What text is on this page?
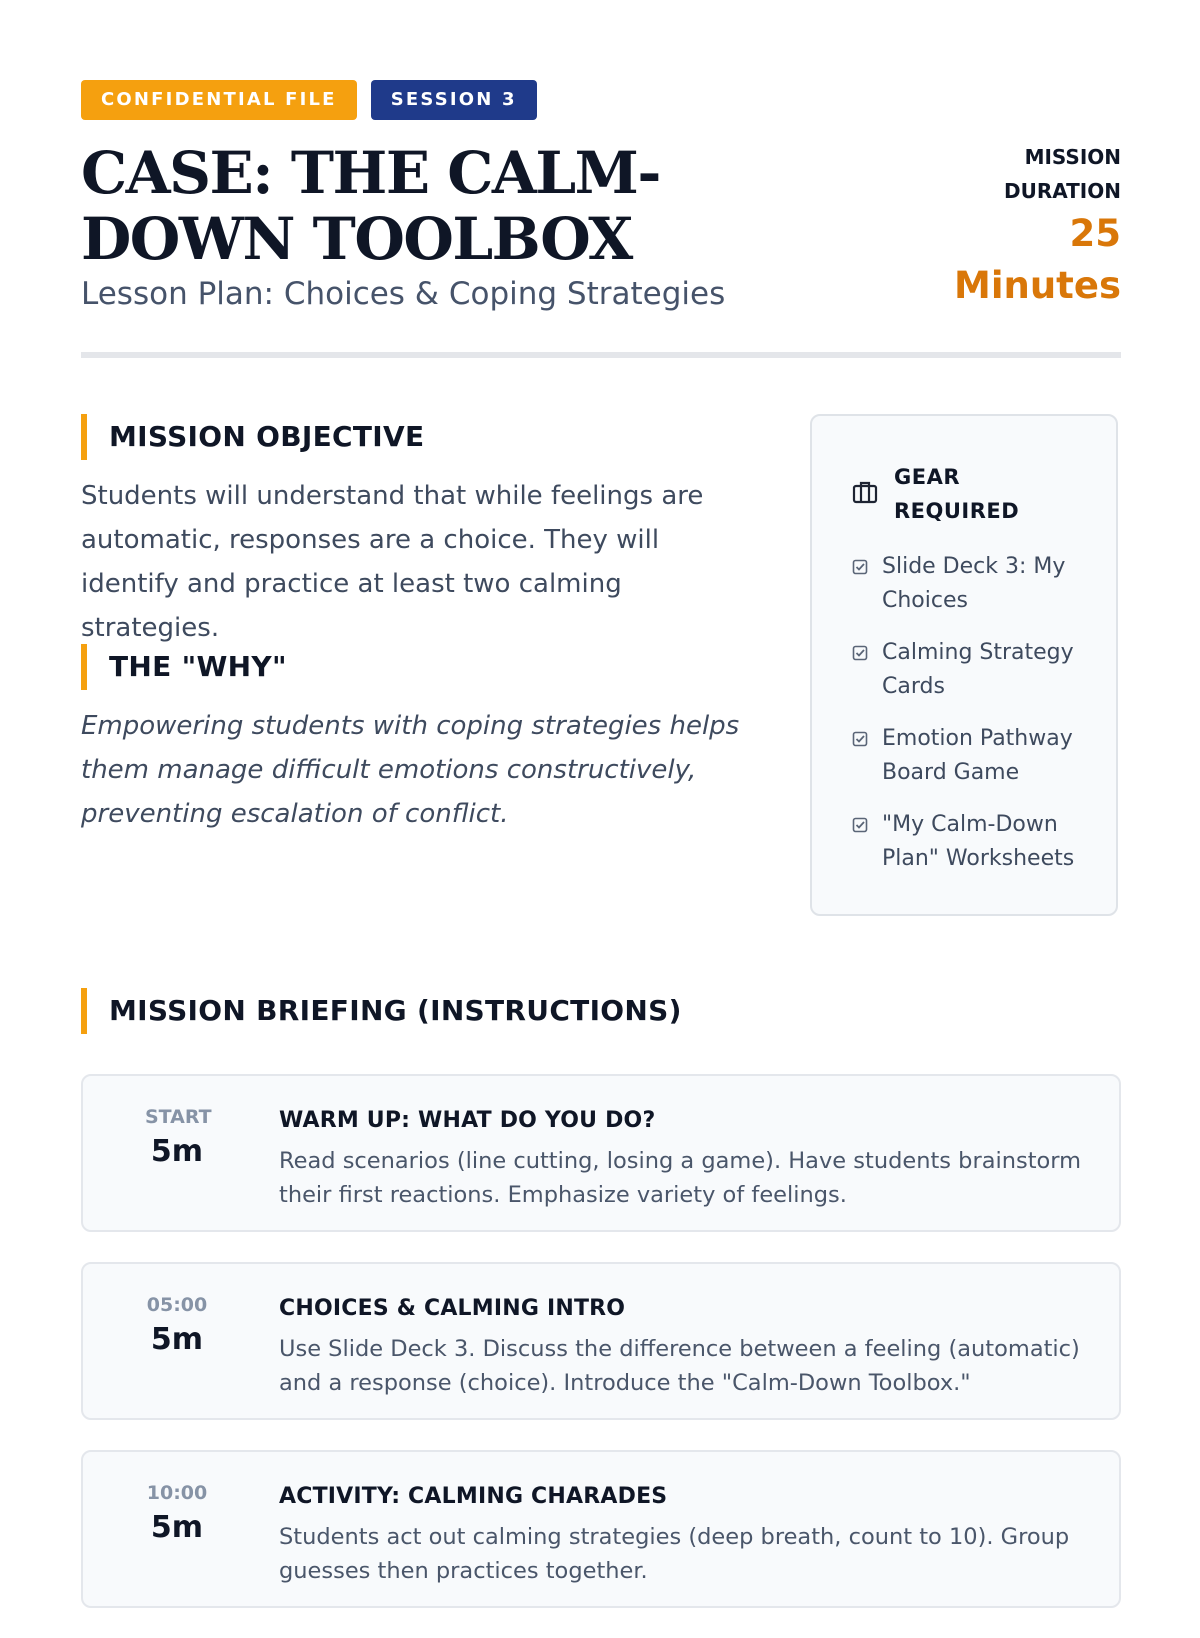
CONFIDENTIAL FILE	SESSION 3
CASE: THE CALM-DOWN TOOLBOX
Lesson Plan: Choices & Coping Strategies
MISSION
DURATION
25
Minutes
MISSION OBJECTIVE
Students will understand that while feelings are automatic, responses are a choice. They will identify and practice at least two calming strategies.
THE "WHY"
Empowering students with coping strategies helps them manage difficult emotions constructively, preventing escalation of conflict.
GEAR
REQUIRED
Slide Deck 3: My Choices
Calming Strategy Cards
Emotion Pathway Board Game
"My Calm-Down Plan" Worksheets
MISSION BRIEFING (INSTRUCTIONS)
START
5m
WARM UP: WHAT DO YOU DO?
Read scenarios (line cutting, losing a game). Have students brainstorm their first reactions. Emphasize variety of feelings.
05:00
5m
CHOICES & CALMING INTRO
Use Slide Deck 3. Discuss the difference between a feeling (automatic) and a response (choice). Introduce the "Calm-Down Toolbox."
10:00
5m
ACTIVITY: CALMING CHARADES
Students act out calming strategies (deep breath, count to 10). Group guesses then practices together.
